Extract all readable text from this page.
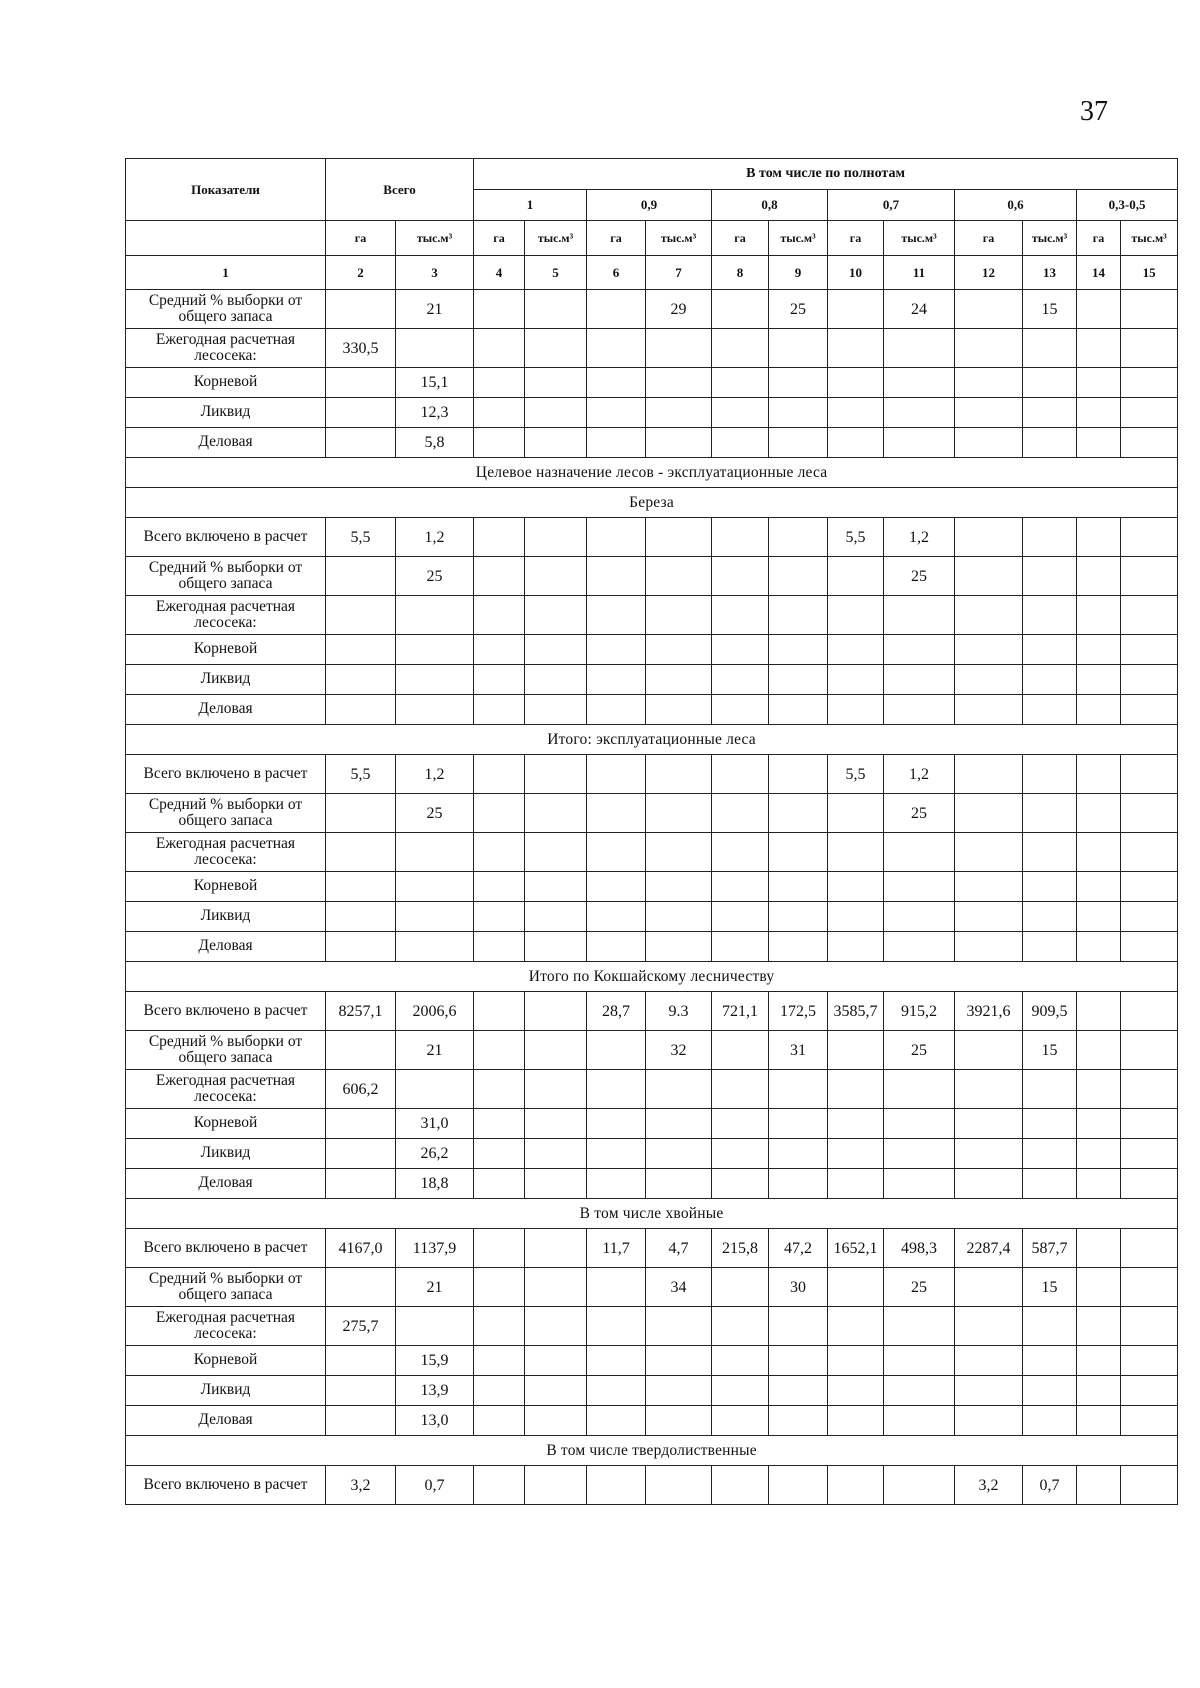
37
Показатели	Всего		В том числе по полнотам											
			1		0,9		0,8		0,7		0,6		0,3-0,5	
	га	тыс.м³	га	тыс.м³	га	тыс.м³	га	тыс.м³	га	тыс.м³	га	тыс.м³	га	тыс.м³
1	2	3	4	5	6	7	8	9	10	11	12	13	14	15
Средний % выборки от общего запаса		21				29		25		24		15		
Ежегодная расчетная лесосека:	330,5													
Корневой		15,1												
Ликвид		12,3												
Деловая		5,8												
Целевое назначение лесов - эксплуатационные леса														
Береза														
Всего включено в расчет	5,5	1,2							5,5	1,2				
Средний % выборки от общего запаса		25								25				
Ежегодная расчетная лесосека:														
Корневой														
Ликвид														
Деловая														
Итого: эксплуатационные леса														
Всего включено в расчет	5,5	1,2							5,5	1,2				
Средний % выборки от общего запаса		25								25				
Ежегодная расчетная лесосека:														
Корневой														
Ликвид														
Деловая														
Итого по Кокшайскому лесничеству														
Всего включено в расчет	8257,1	2006,6			28,7	9.3	721,1	172,5	3585,7	915,2	3921,6	909,5		
Средний % выборки от общего запаса		21				32		31		25		15		
Ежегодная расчетная лесосека:	606,2													
Корневой		31,0												
Ликвид		26,2												
Деловая		18,8												
В том числе хвойные														
Всего включено в расчет	4167,0	1137,9			11,7	4,7	215,8	47,2	1652,1	498,3	2287,4	587,7		
Средний % выборки от общего запаса		21				34		30		25		15		
Ежегодная расчетная лесосека:	275,7													
Корневой		15,9												
Ликвид		13,9												
Деловая		13,0												
В том числе твердолиственные														
Всего включено в расчет	3,2	0,7									3,2	0,7		
